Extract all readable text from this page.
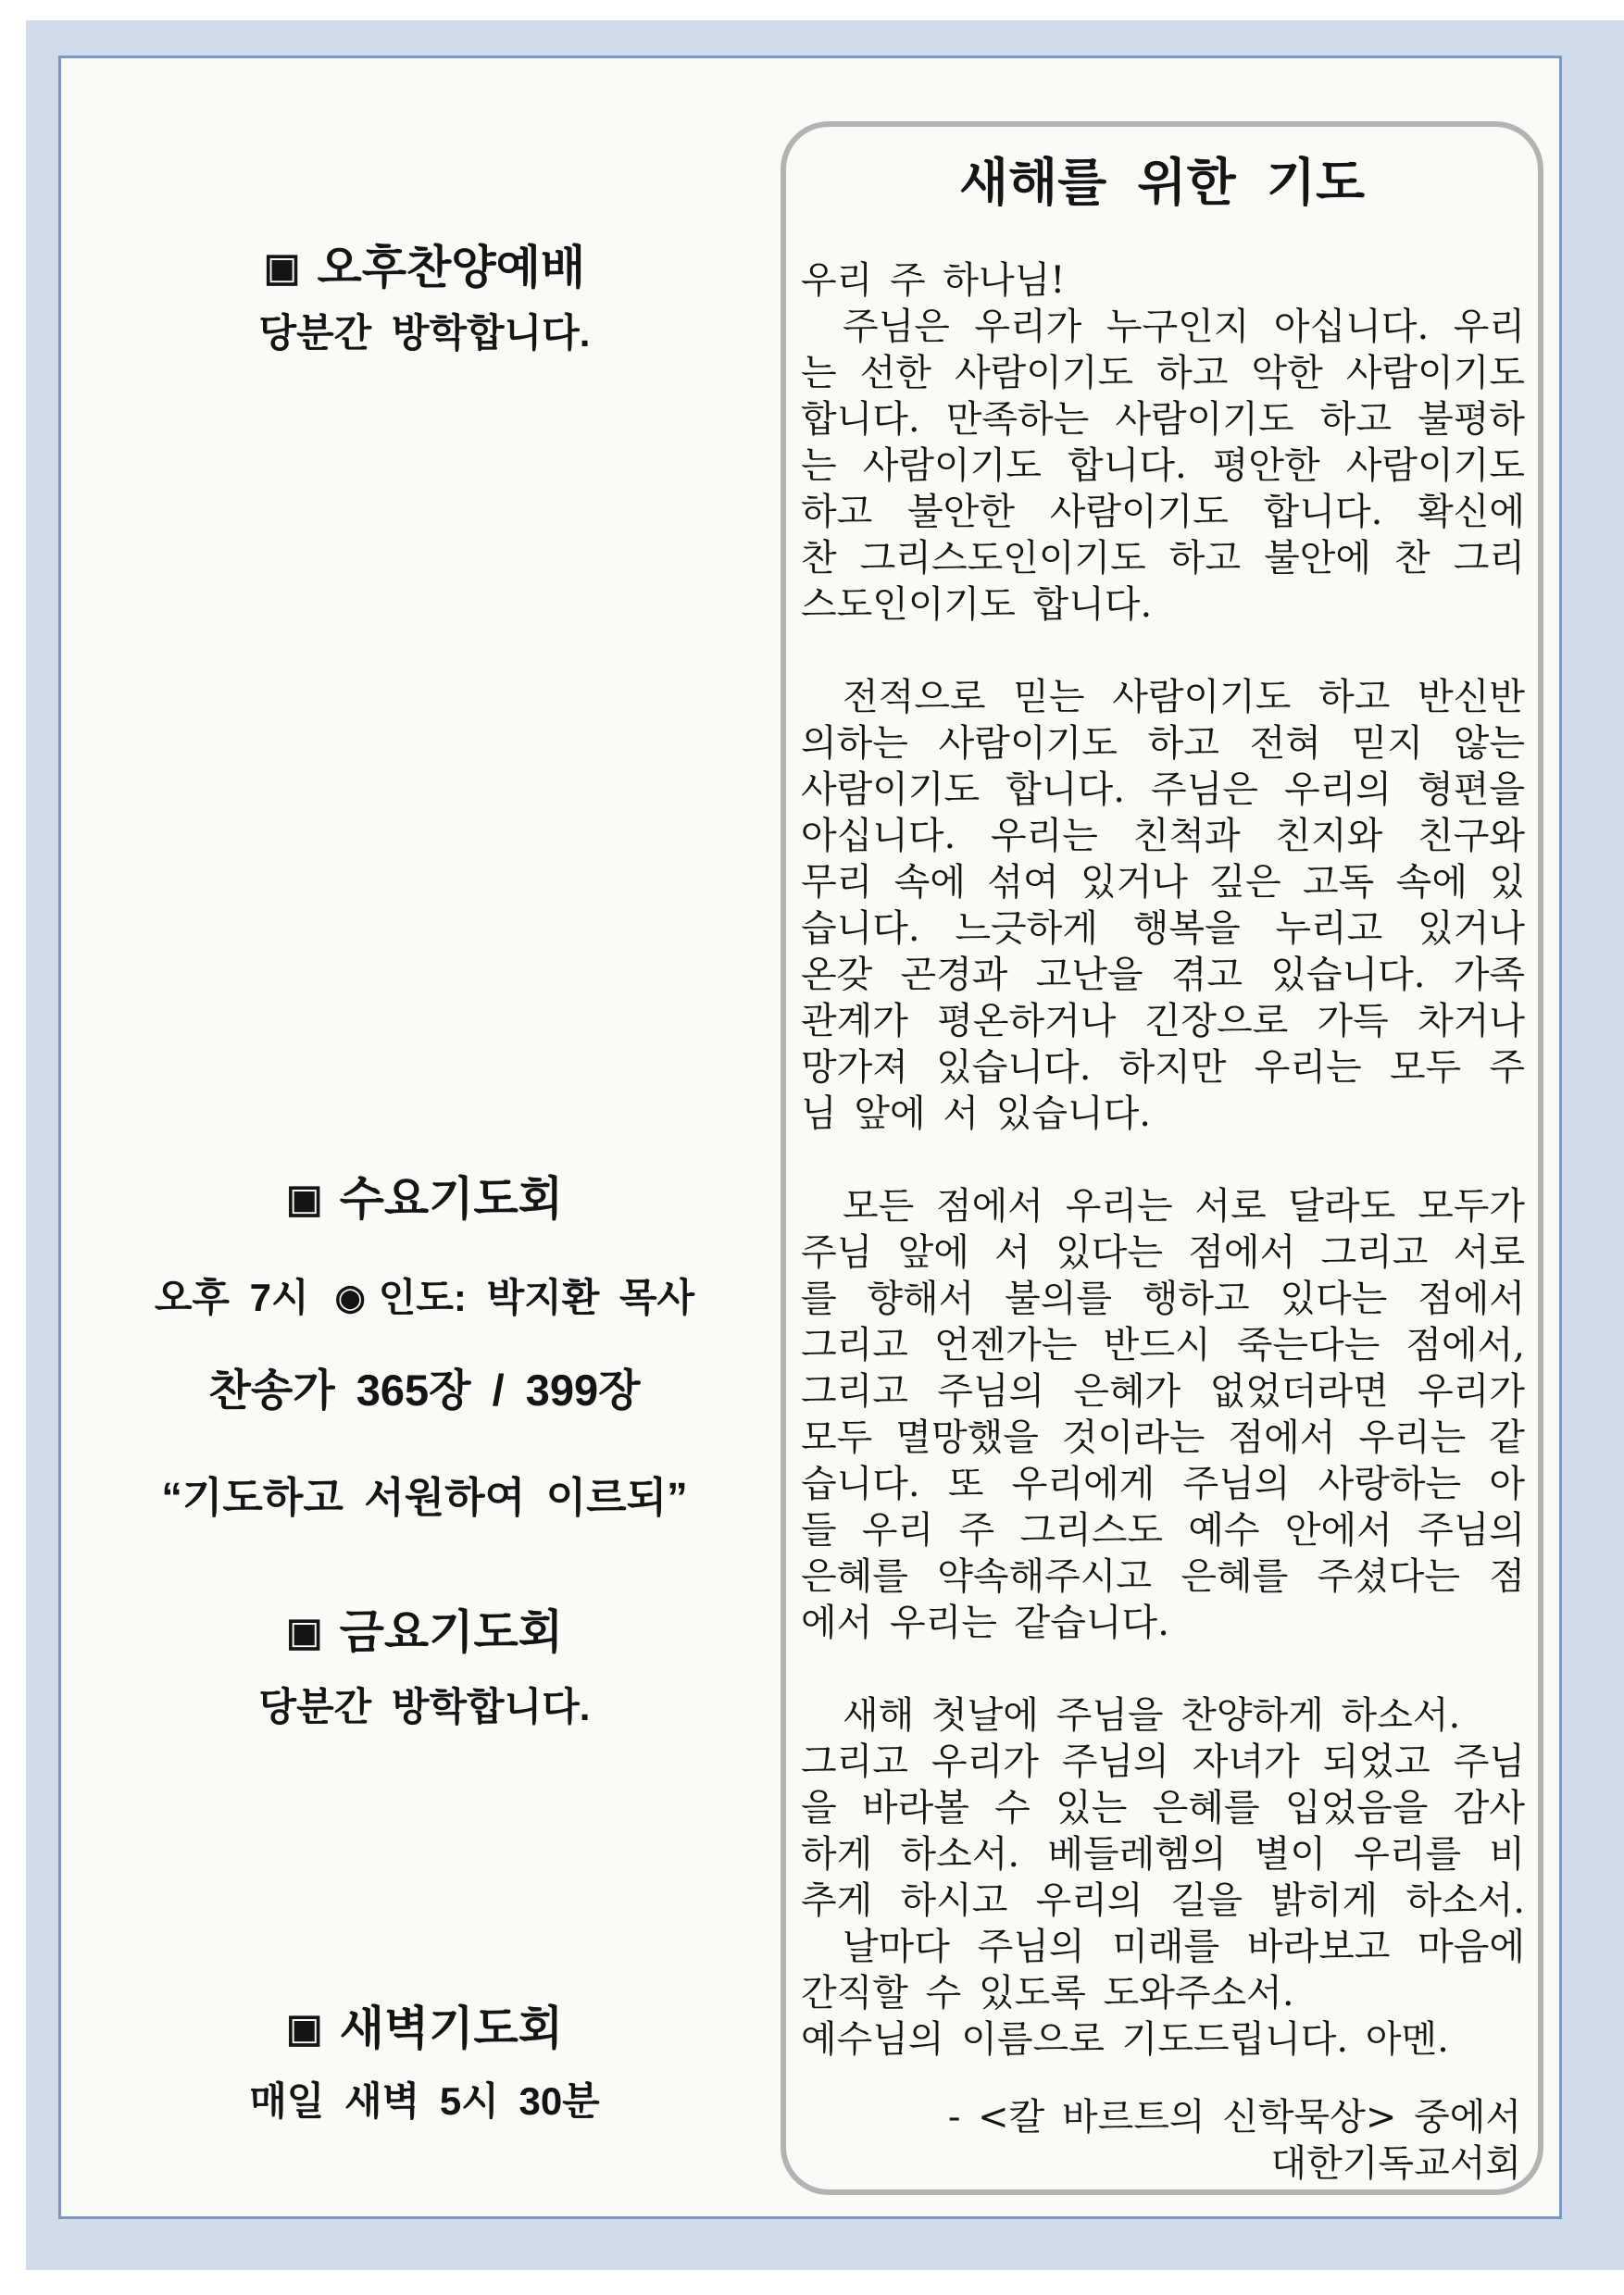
▣ 오후찬양예배
당분간 방학합니다.
▣ 수요기도회
오후 7시 ◉ 인도: 박지환 목사
찬송가 365장 / 399장
“기도하고 서원하여 이르되”
▣ 금요기도회
당분간 방학합니다.
▣ 새벽기도회
매일 새벽 5시 30분
새해를 위한 기도
우리 주 하나님!
주님은 우리가 누구인지 아십니다. 우리
는 선한 사람이기도 하고 악한 사람이기도
합니다. 만족하는 사람이기도 하고 불평하
는 사람이기도 합니다. 평안한 사람이기도
하고 불안한 사람이기도 합니다. 확신에
찬 그리스도인이기도 하고 불안에 찬 그리
스도인이기도 합니다.
전적으로 믿는 사람이기도 하고 반신반
의하는 사람이기도 하고 전혀 믿지 않는
사람이기도 합니다. 주님은 우리의 형편을
아십니다. 우리는 친척과 친지와 친구와
무리 속에 섞여 있거나 깊은 고독 속에 있
습니다. 느긋하게 행복을 누리고 있거나
온갖 곤경과 고난을 겪고 있습니다. 가족
관계가 평온하거나 긴장으로 가득 차거나
망가져 있습니다. 하지만 우리는 모두 주
님 앞에 서 있습니다.
모든 점에서 우리는 서로 달라도 모두가
주님 앞에 서 있다는 점에서 그리고 서로
를 향해서 불의를 행하고 있다는 점에서
그리고 언젠가는 반드시 죽는다는 점에서,
그리고 주님의 은혜가 없었더라면 우리가
모두 멸망했을 것이라는 점에서 우리는 같
습니다. 또 우리에게 주님의 사랑하는 아
들 우리 주 그리스도 예수 안에서 주님의
은혜를 약속해주시고 은혜를 주셨다는 점
에서 우리는 같습니다.
새해 첫날에 주님을 찬양하게 하소서.
그리고 우리가 주님의 자녀가 되었고 주님
을 바라볼 수 있는 은혜를 입었음을 감사
하게 하소서. 베들레헴의 별이 우리를 비
추게 하시고 우리의 길을 밝히게 하소서.
날마다 주님의 미래를 바라보고 마음에
간직할 수 있도록 도와주소서.
예수님의 이름으로 기도드립니다. 아멘.
- <칼 바르트의 신학묵상> 중에서
대한기독교서회
